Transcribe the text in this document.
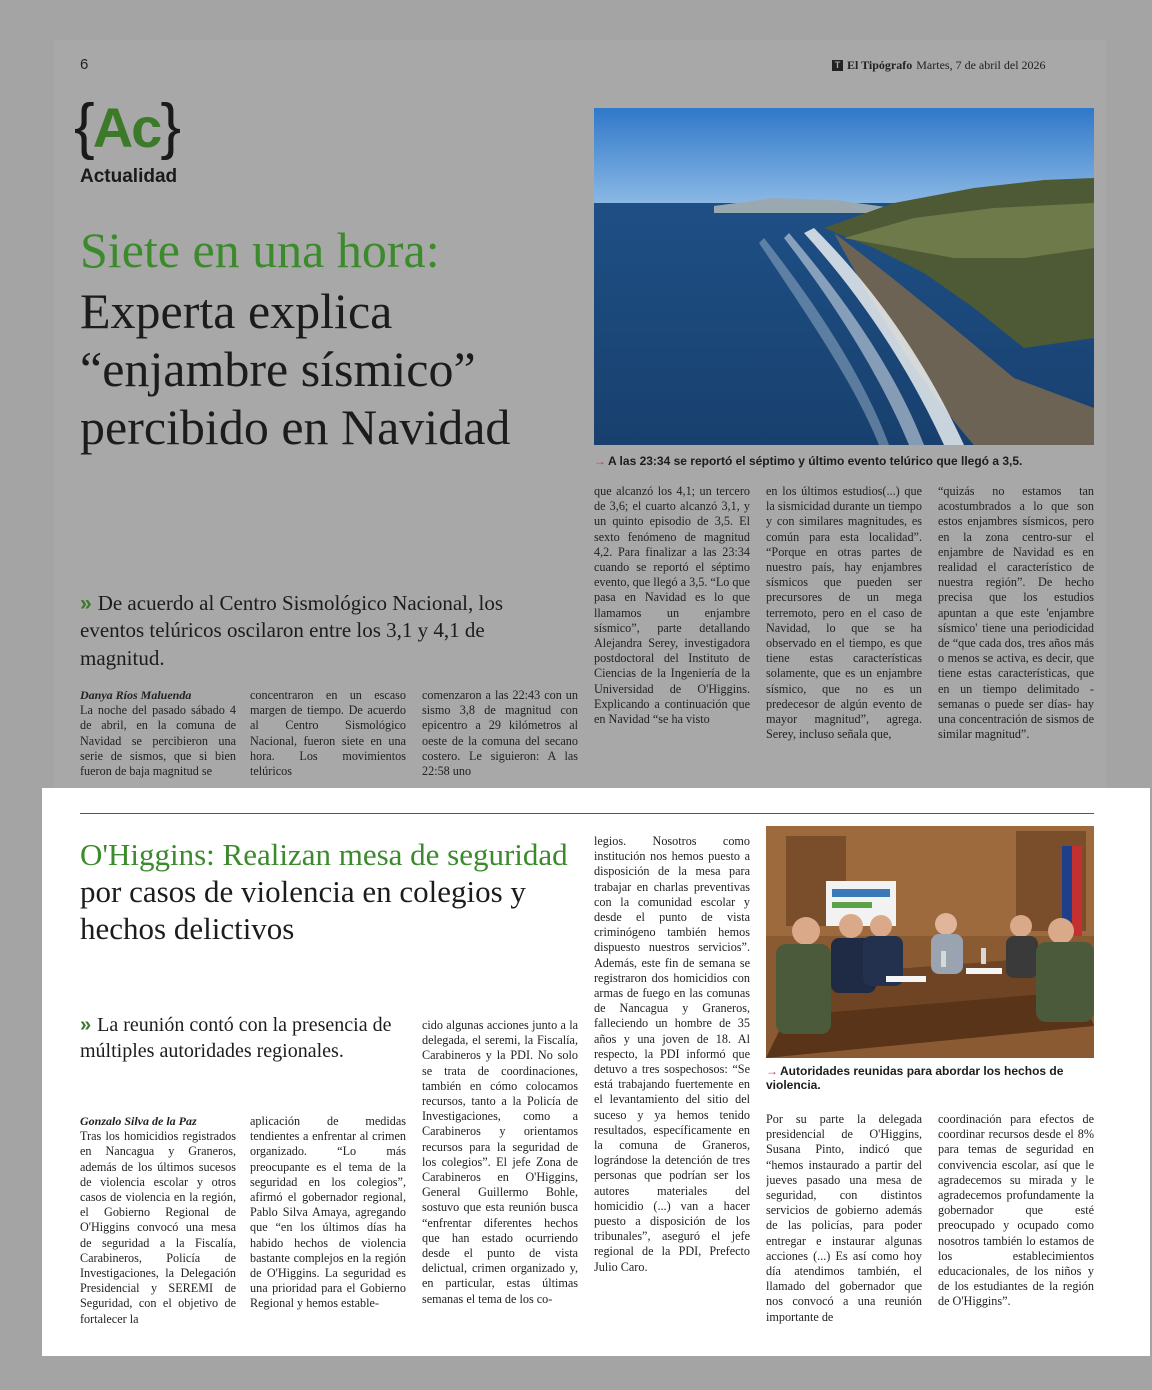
6	T El Tipógrafo Martes, 7 de abril del 2026
{Ac}
Actualidad
Siete en una hora:
Experta explica “enjambre sísmico” percibido en Navidad
→ A las 23:34 se reportó el séptimo y último evento telúrico que llegó a 3,5.
» De acuerdo al Centro Sismológico Nacional, los eventos telúricos oscilaron entre los 3,1 y 4,1 de magnitud.
Danya Ríos Maluenda

La noche del pasado sábado 4 de abril, en la comuna de Navidad se percibieron una serie de sismos, que si bien fueron de baja magnitud se

concentraron en un escaso margen de tiempo. De acuerdo al Centro Sismológico Nacional, fueron siete en una hora. Los movimientos telúricos

comenzaron a las 22:43 con un sismo 3,8 de magnitud con epicentro a 29 kilómetros al oeste de la comuna del secano costero. Le siguieron: A las 22:58 uno

que alcanzó los 4,1; un tercero de 3,6; el cuarto alcanzó 3,1, y un quinto episodio de 3,5. El sexto fenómeno de magnitud 4,2. Para finalizar a las 23:34 cuando se reportó el séptimo evento, que llegó a 3,5. “Lo que pasa en Navidad es lo que llamamos un enjambre sísmico”, parte detallando Alejandra Serey, investigadora postdoctoral del Instituto de Ciencias de la Ingeniería de la Universidad de O'Higgins. Explicando a continuación que en Navidad “se ha visto

en los últimos estudios(...) que la sismicidad durante un tiempo y con similares magnitudes, es común para esta localidad”. “Porque en otras partes de nuestro país, hay enjambres sísmicos que pueden ser precursores de un mega terremoto, pero en el caso de Navidad, lo que se ha observado en el tiempo, es que tiene estas características solamente, que es un enjambre sísmico, que no es un predecesor de algún evento de mayor magnitud”, agrega. Serey, incluso señala que,

“quizás no estamos tan acostumbrados a lo que son estos enjambres sísmicos, pero en la zona centro-sur el enjambre de Navidad es en realidad el característico de nuestra región”. De hecho precisa que los estudios apuntan a que este 'enjambre sísmico' tiene una periodicidad de “que cada dos, tres años más o menos se activa, es decir, que tiene estas características, que en un tiempo delimitado -semanas o puede ser días- hay una concentración de sismos de similar magnitud”.

O'Higgins: Realizan mesa de seguridad por casos de violencia en colegios y hechos delictivos
» La reunión contó con la presencia de múltiples autoridades regionales.
Gonzalo Silva de la Paz

Tras los homicidios registrados en Nancagua y Graneros, además de los últimos sucesos de violencia escolar y otros casos de violencia en la región, el Gobierno Regional de O'Higgins convocó una mesa de seguridad a la Fiscalía, Carabineros, Policía de Investigaciones, la Delegación Presidencial y SEREMI de Seguridad, con el objetivo de fortalecer la

aplicación de medidas tendientes a enfrentar al crimen organizado. “Lo más preocupante es el tema de la seguridad en los colegios”, afirmó el gobernador regional, Pablo Silva Amaya, agregando que “en los últimos días ha habido hechos de violencia bastante complejos en la región de O'Higgins. La seguridad es una prioridad para el Gobierno Regional y hemos estable-

cido algunas acciones junto a la delegada, el seremi, la Fiscalía, Carabineros y la PDI. No solo se trata de coordinaciones, también en cómo colocamos recursos, tanto a la Policía de Investigaciones, como a Carabineros y orientamos recursos para la seguridad de los colegios”. El jefe Zona de Carabineros en O'Higgins, General Guillermo Bohle, sostuvo que esta reunión busca “enfrentar diferentes hechos que han estado ocurriendo desde el punto de vista delictual, crimen organizado y, en particular, estas últimas semanas el tema de los co-

legios. Nosotros como institución nos hemos puesto a disposición de la mesa para trabajar en charlas preventivas con la comunidad escolar y desde el punto de vista criminógeno también hemos dispuesto nuestros servicios”. Además, este fin de semana se registraron dos homicidios con armas de fuego en las comunas de Nancagua y Graneros, falleciendo un hombre de 35 años y una joven de 18. Al respecto, la PDI informó que detuvo a tres sospechosos: “Se está trabajando fuertemente en el levantamiento del sitio del suceso y ya hemos tenido resultados, específicamente en la comuna de Graneros, lográndose la detención de tres personas que podrían ser los autores materiales del homicidio (...) van a hacer puesto a disposición de los tribunales”, aseguró el jefe regional de la PDI, Prefecto Julio Caro.

→ Autoridades reunidas para abordar los hechos de violencia.

Por su parte la delegada presidencial de O'Higgins, Susana Pinto, indicó que “hemos instaurado a partir del jueves pasado una mesa de seguridad, con distintos servicios de gobierno además de las policías, para poder entregar e instaurar algunas acciones (...) Es así como hoy día atendimos también, el llamado del gobernador que nos convocó a una reunión importante de

coordinación para efectos de coordinar recursos desde el 8% para temas de seguridad en convivencia escolar, así que le agradecemos su mirada y le agradecemos profundamente la gobernador que esté preocupado y ocupado como nosotros también lo estamos de los establecimientos educacionales, de los niños y de los estudiantes de la región de O'Higgins”.
